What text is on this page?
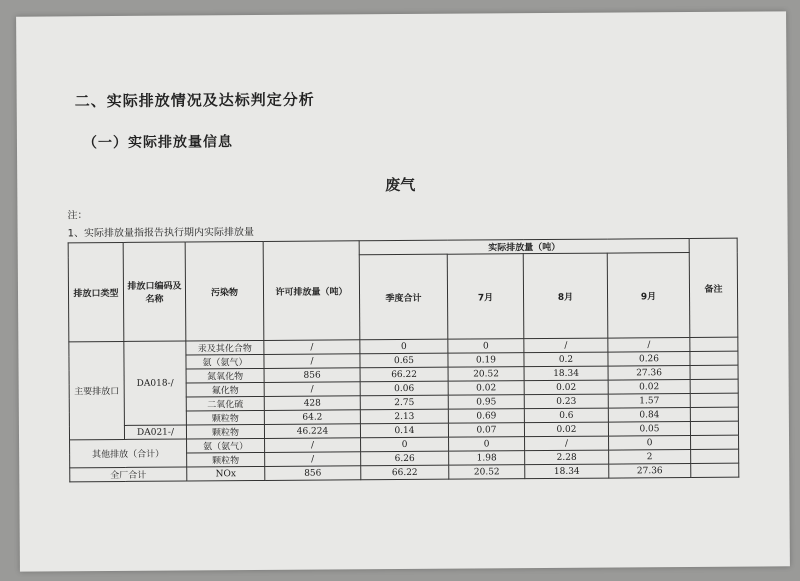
二、实际排放情况及达标判定分析
（一）实际排放量信息
废气
注：
1、实际排放量指报告执行期内实际排放量
排放口类型	排放口编码及名称	污染物	许可排放量（吨）	实际排放量（吨）				备注
				季度合计	7月	8月	9月	
主要排放口	DA018-/	汞及其化合物	/	0	0	/	/	
		氨（氨气）	/	0.65	0.19	0.2	0.26	
		氮氧化物	856	66.22	20.52	18.34	27.36	
		氟化物	/	0.06	0.02	0.02	0.02	
		二氧化硫	428	2.75	0.95	0.23	1.57	
		颗粒物	64.2	2.13	0.69	0.6	0.84	
	DA021-/	颗粒物	46.224	0.14	0.07	0.02	0.05	
其他排放（合计）		氨（氨气）	/	0	0	/	0	
		颗粒物	/	6.26	1.98	2.28	2	
全厂合计		NOx	856	66.22	20.52	18.34	27.36	
